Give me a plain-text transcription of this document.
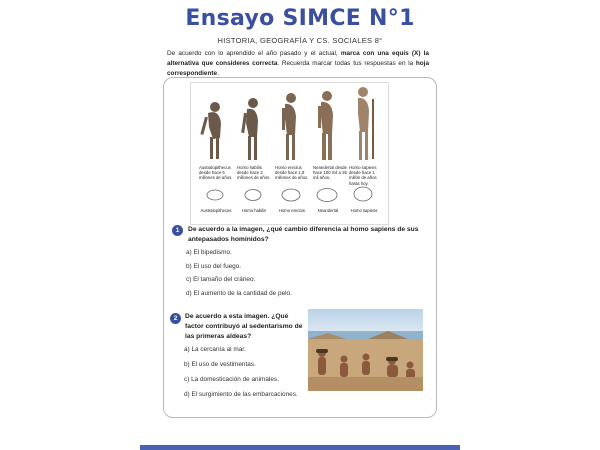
Ensayo SIMCE N°1
HISTORIA, GEOGRAFÍA Y CS. SOCIALES 8°
De acuerdo con lo aprendido el año pasado y el actual, marca con una equis (X) la alternativa que consideres correcta. Recuerda marcar todas tus respuestas en la hoja correspondiente.
Australopithecus desde hace 5 millones de años.
Homo habilis desde hace 2 millones de años.
Homo erectus desde hace 1,8 millones de años.
Neandertal desde hace 100 mil a 35 mil años.
Homo sapiens desde hace 1 millón de años hasta hoy.
Australopithecus	Homo habilis	Homo erectus	Neandertal	Homo sapiens
1	De acuerdo a la imagen, ¿qué cambio diferencia al homo sapiens de sus antepasados homínidos?
a) El bipedismo.
b) El uso del fuego.
c) El tamaño del cráneo.
d) El aumento de la cantidad de pelo.
2	De acuerdo a esta imagen. ¿Qué factor contribuyó al sedentarismo de las primeras aldeas?
a) La cercanía al mar.
b) El uso de vestimentas.
c) La domesticación de animales.
d) El surgimiento de las embarcaciones.
